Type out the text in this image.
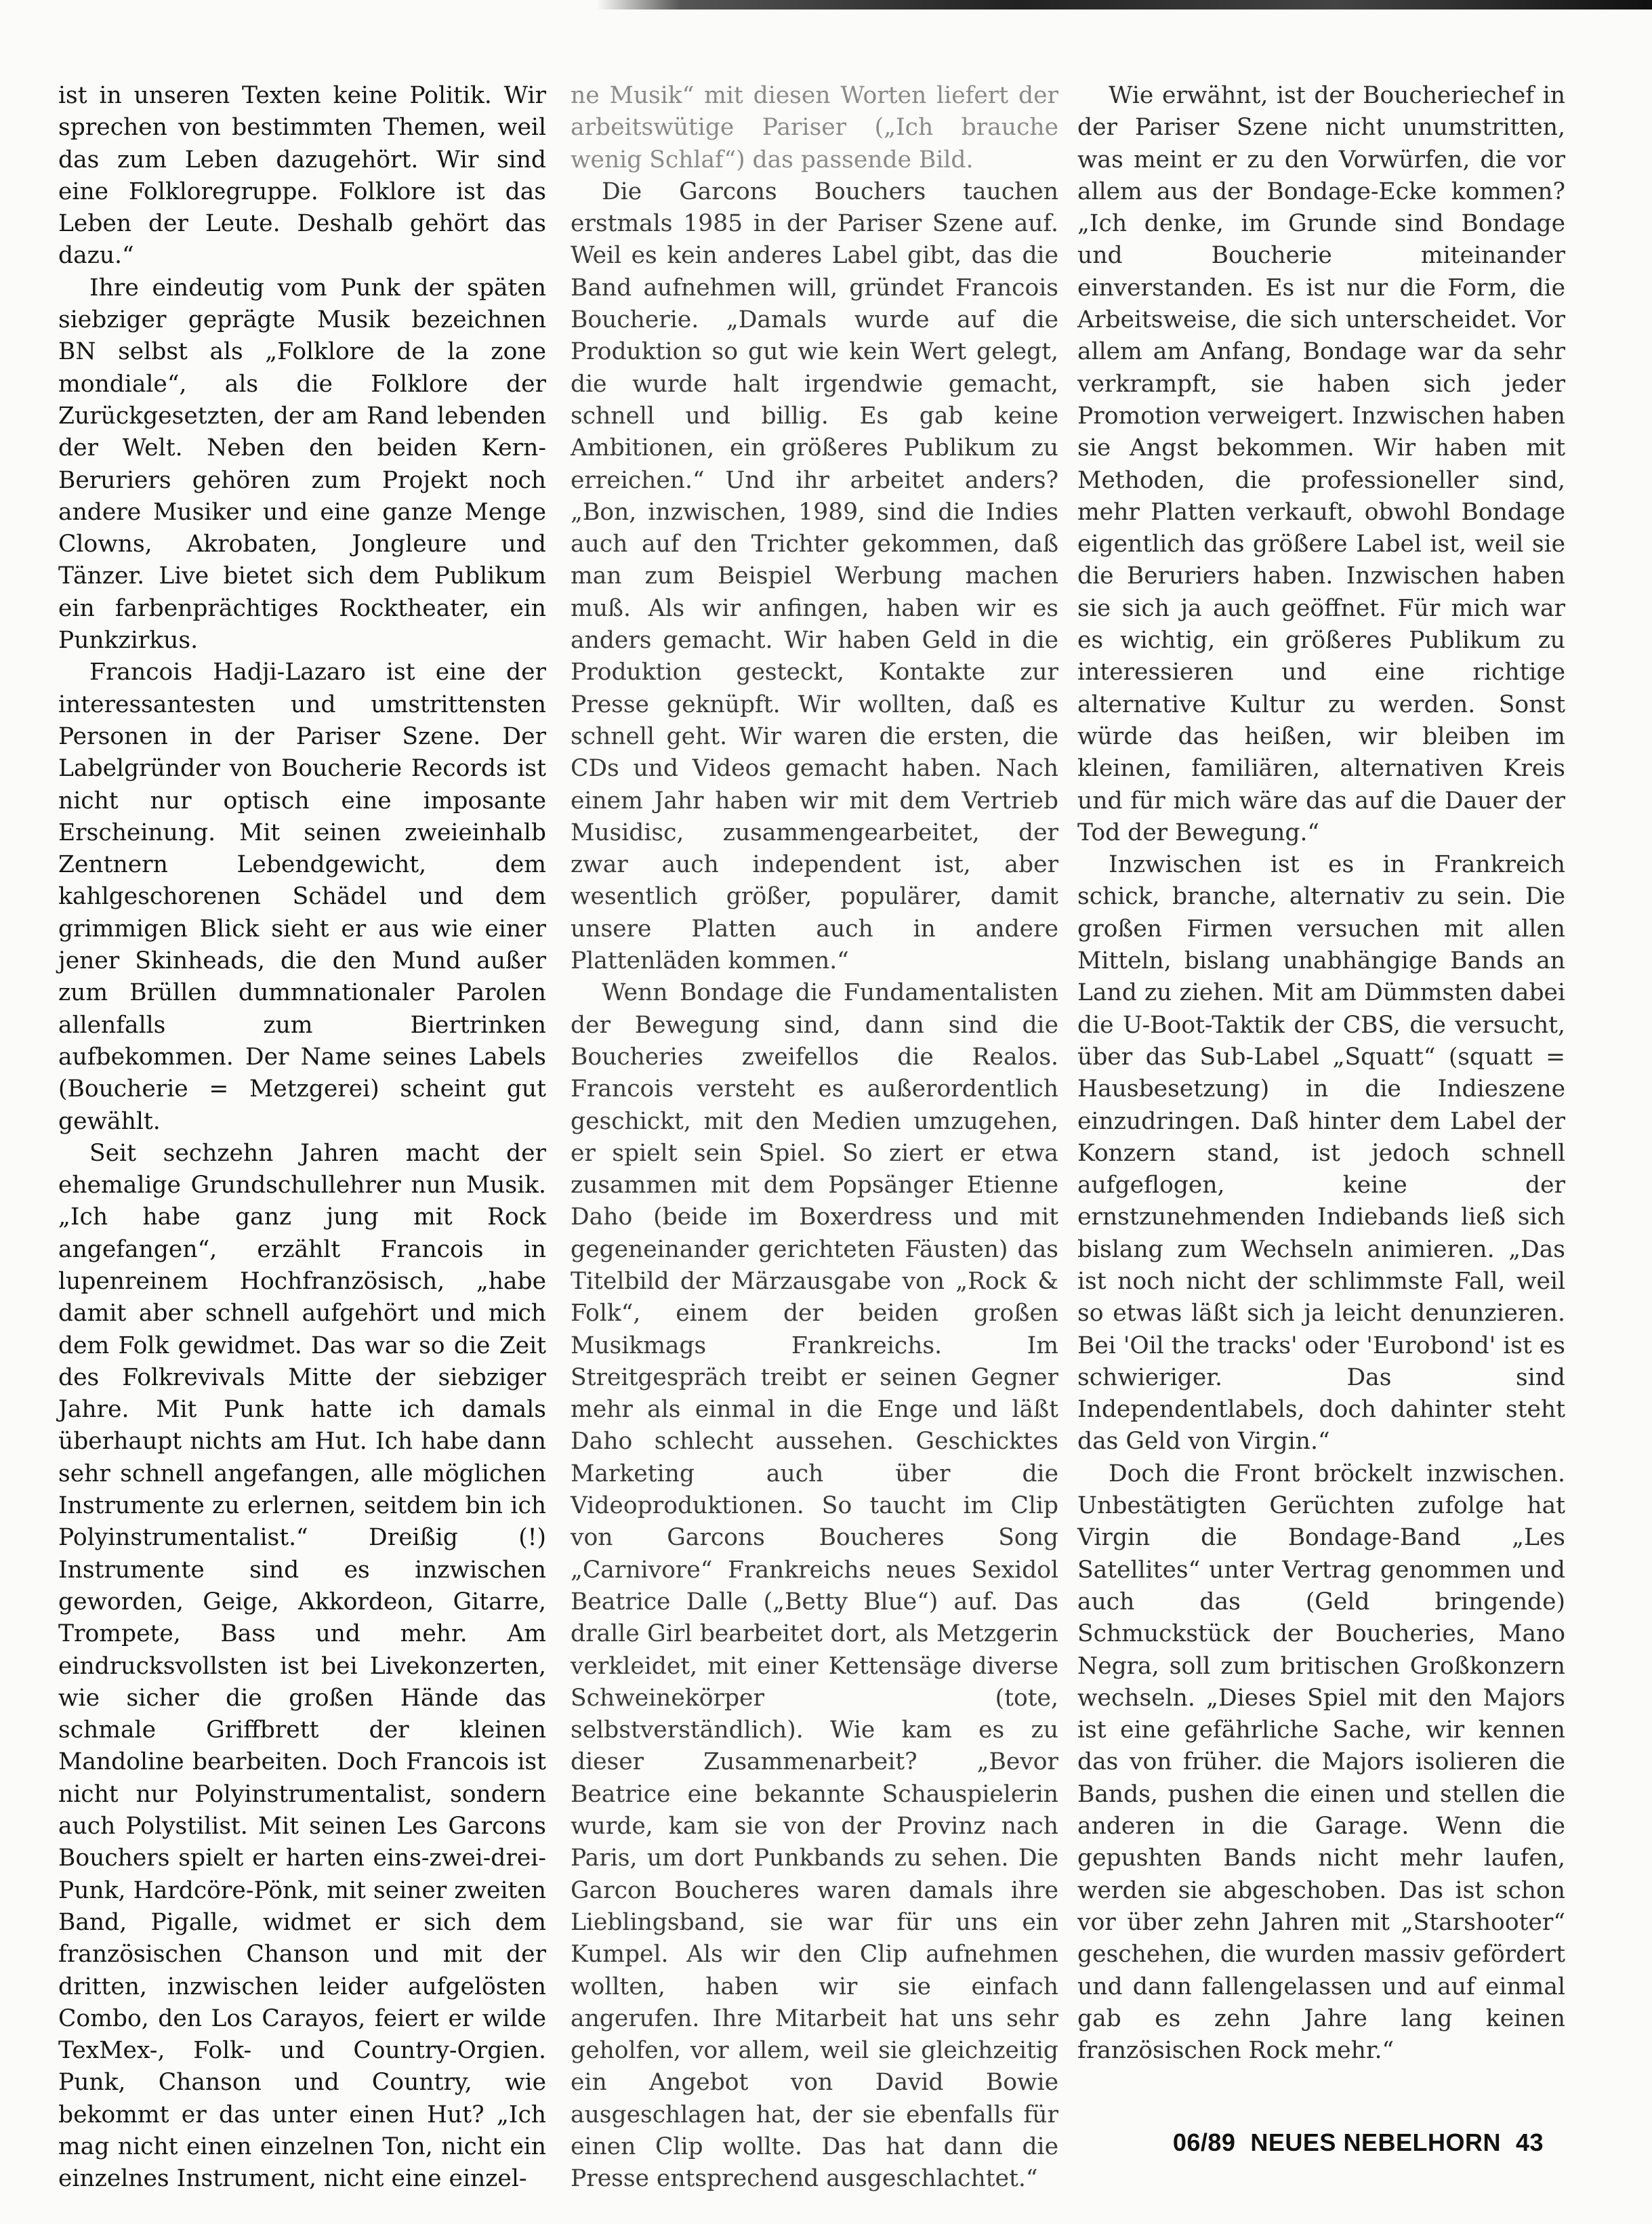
ist in unseren Texten keine Politik. Wir sprechen von bestimmten Themen, weil das zum Leben dazugehört. Wir sind eine Folkloregruppe. Folklore ist das Leben der Leute. Deshalb gehört das dazu.“

Ihre eindeutig vom Punk der späten siebziger geprägte Musik bezeichnen BN selbst als „Folklore de la zone mondiale“, als die Folklore der Zurückgesetzten, der am Rand lebenden der Welt. Neben den beiden Kern-Beruriers gehören zum Projekt noch andere Musiker und eine ganze Menge Clowns, Akrobaten, Jongleure und Tänzer. Live bietet sich dem Publikum ein farbenprächtiges Rocktheater, ein Punkzirkus.

Francois Hadji-Lazaro ist eine der interessantesten und umstrittensten Personen in der Pariser Szene. Der Labelgründer von Boucherie Records ist nicht nur optisch eine imposante Erscheinung. Mit seinen zweieinhalb Zentnern Lebendgewicht, dem kahlgeschorenen Schädel und dem grimmigen Blick sieht er aus wie einer jener Skinheads, die den Mund außer zum Brüllen dummnationaler Parolen allenfalls zum Biertrinken aufbekommen. Der Name seines Labels (Boucherie = Metzgerei) scheint gut gewählt.

Seit sechzehn Jahren macht der ehemalige Grundschullehrer nun Musik. „Ich habe ganz jung mit Rock angefangen“, erzählt Francois in lupenreinem Hochfranzösisch, „habe damit aber schnell aufgehört und mich dem Folk gewidmet. Das war so die Zeit des Folkrevivals Mitte der siebziger Jahre. Mit Punk hatte ich damals überhaupt nichts am Hut. Ich habe dann sehr schnell angefangen, alle möglichen Instrumente zu erlernen, seitdem bin ich Polyinstrumentalist.“ Dreißig (!) Instrumente sind es inzwischen geworden, Geige, Akkordeon, Gitarre, Trompete, Bass und mehr. Am eindrucksvollsten ist bei Livekonzerten, wie sicher die großen Hände das schmale Griffbrett der kleinen Mandoline bearbeiten. Doch Francois ist nicht nur Polyinstrumentalist, sondern auch Polystilist. Mit seinen Les Garcons Bouchers spielt er harten eins-zwei-drei-Punk, Hardcöre-Pönk, mit seiner zweiten Band, Pigalle, widmet er sich dem französischen Chanson und mit der dritten, inzwischen leider aufgelösten Combo, den Los Carayos, feiert er wilde TexMex-, Folk- und Country-Orgien. Punk, Chanson und Country, wie bekommt er das unter einen Hut? „Ich mag nicht einen einzelnen Ton, nicht ein einzelnes Instrument, nicht eine einzel-

ne Musik“ mit diesen Worten liefert der arbeitswütige Pariser („Ich brauche wenig Schlaf“) das passende Bild.

Die Garcons Bouchers tauchen erstmals 1985 in der Pariser Szene auf. Weil es kein anderes Label gibt, das die Band aufnehmen will, gründet Francois Boucherie. „Damals wurde auf die Produktion so gut wie kein Wert gelegt, die wurde halt irgendwie gemacht, schnell und billig. Es gab keine Ambitionen, ein größeres Publikum zu erreichen.“ Und ihr arbeitet anders? „Bon, inzwischen, 1989, sind die Indies auch auf den Trichter gekommen, daß man zum Beispiel Werbung machen muß. Als wir anfingen, haben wir es anders gemacht. Wir haben Geld in die Produktion gesteckt, Kontakte zur Presse geknüpft. Wir wollten, daß es schnell geht. Wir waren die ersten, die CDs und Videos gemacht haben. Nach einem Jahr haben wir mit dem Vertrieb Musidisc, zusammengearbeitet, der zwar auch independent ist, aber wesentlich größer, populärer, damit unsere Platten auch in andere Plattenläden kommen.“

Wenn Bondage die Fundamentalisten der Bewegung sind, dann sind die Boucheries zweifellos die Realos. Francois versteht es außerordentlich geschickt, mit den Medien umzugehen, er spielt sein Spiel. So ziert er etwa zusammen mit dem Popsänger Etienne Daho (beide im Boxerdress und mit gegeneinander gerichteten Fäusten) das Titelbild der Märzausgabe von „Rock & Folk“, einem der beiden großen Musikmags Frankreichs. Im Streitgespräch treibt er seinen Gegner mehr als einmal in die Enge und läßt Daho schlecht aussehen. Geschicktes Marketing auch über die Videoproduktionen. So taucht im Clip von Garcons Boucheres Song „Carnivore“ Frankreichs neues Sexidol Beatrice Dalle („Betty Blue“) auf. Das dralle Girl bearbeitet dort, als Metzgerin verkleidet, mit einer Kettensäge diverse Schweinekörper (tote, selbstverständlich). Wie kam es zu dieser Zusammenarbeit? „Bevor Beatrice eine bekannte Schauspielerin wurde, kam sie von der Provinz nach Paris, um dort Punkbands zu sehen. Die Garcon Boucheres waren damals ihre Lieblingsband, sie war für uns ein Kumpel. Als wir den Clip aufnehmen wollten, haben wir sie einfach angerufen. Ihre Mitarbeit hat uns sehr geholfen, vor allem, weil sie gleichzeitig ein Angebot von David Bowie ausgeschlagen hat, der sie ebenfalls für einen Clip wollte. Das hat dann die Presse entsprechend ausgeschlachtet.“

Wie erwähnt, ist der Boucheriechef in der Pariser Szene nicht unumstritten, was meint er zu den Vorwürfen, die vor allem aus der Bondage-Ecke kommen? „Ich denke, im Grunde sind Bondage und Boucherie miteinander einverstanden. Es ist nur die Form, die Arbeitsweise, die sich unterscheidet. Vor allem am Anfang, Bondage war da sehr verkrampft, sie haben sich jeder Promotion verweigert. Inzwischen haben sie Angst bekommen. Wir haben mit Methoden, die professioneller sind, mehr Platten verkauft, obwohl Bondage eigentlich das größere Label ist, weil sie die Beruriers haben. Inzwischen haben sie sich ja auch geöffnet. Für mich war es wichtig, ein größeres Publikum zu interessieren und eine richtige alternative Kultur zu werden. Sonst würde das heißen, wir bleiben im kleinen, familiären, alternativen Kreis und für mich wäre das auf die Dauer der Tod der Bewegung.“

Inzwischen ist es in Frankreich schick, branche, alternativ zu sein. Die großen Firmen versuchen mit allen Mitteln, bislang unabhängige Bands an Land zu ziehen. Mit am Dümmsten dabei die U-Boot-Taktik der CBS, die versucht, über das Sub-Label „Squatt“ (squatt = Hausbesetzung) in die Indieszene einzudringen. Daß hinter dem Label der Konzern stand, ist jedoch schnell aufgeflogen, keine der ernstzunehmenden Indiebands ließ sich bislang zum Wechseln animieren. „Das ist noch nicht der schlimmste Fall, weil so etwas läßt sich ja leicht denunzieren. Bei 'Oil the tracks' oder 'Eurobond' ist es schwieriger. Das sind Independentlabels, doch dahinter steht das Geld von Virgin.“

Doch die Front bröckelt inzwischen. Unbestätigten Gerüchten zufolge hat Virgin die Bondage-Band „Les Satellites“ unter Vertrag genommen und auch das (Geld bringende) Schmuckstück der Boucheries, Mano Negra, soll zum britischen Großkonzern wechseln. „Dieses Spiel mit den Majors ist eine gefährliche Sache, wir kennen das von früher. die Majors isolieren die Bands, pushen die einen und stellen die anderen in die Garage. Wenn die gepushten Bands nicht mehr laufen, werden sie abgeschoben. Das ist schon vor über zehn Jahren mit „Starshooter“ geschehen, die wurden massiv gefördert und dann fallengelassen und auf einmal gab es zehn Jahre lang keinen französischen Rock mehr.“

06/89 NEUES NEBELHORN 43
